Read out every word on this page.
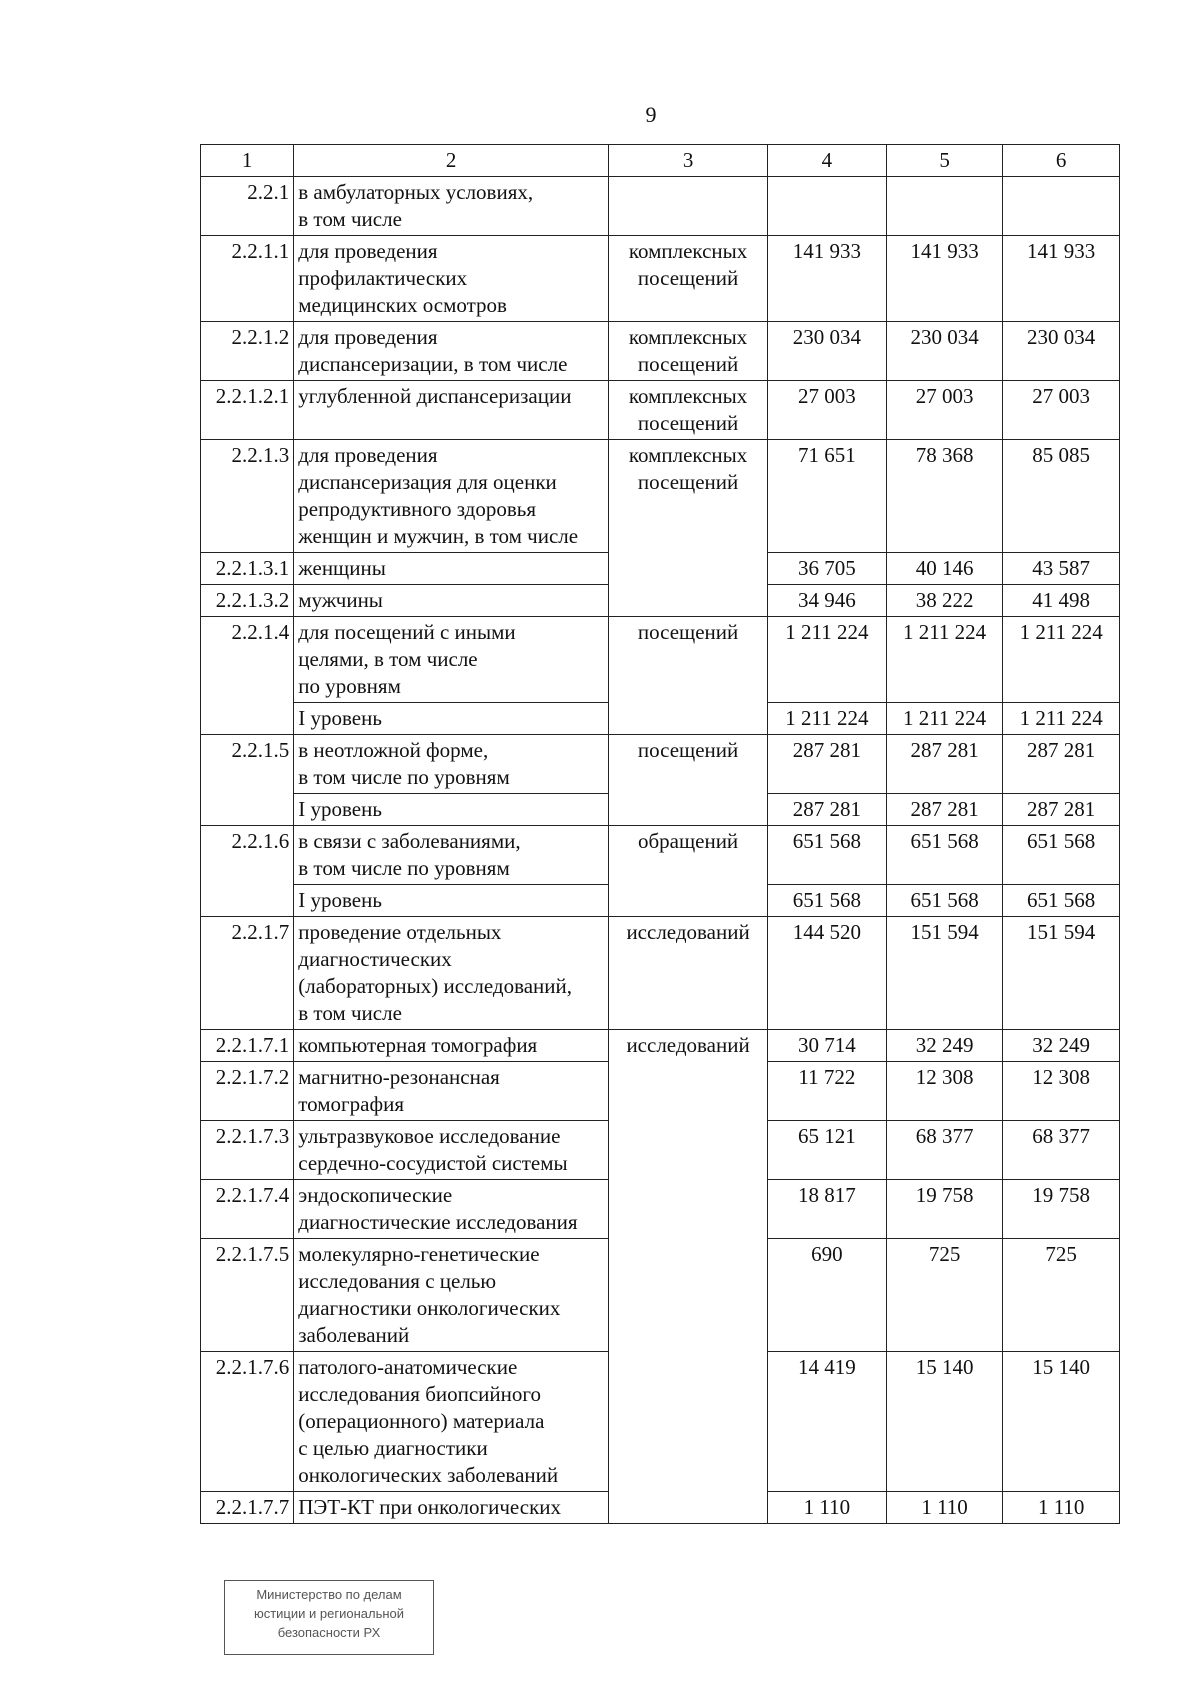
9
1	2	3	4	5	6
2.2.1	в амбулаторных условиях,
в том числе				
2.2.1.1	для проведения
профилактических
медицинских осмотров	комплексных
посещений	141 933	141 933	141 933
2.2.1.2	для проведения
диспансеризации, в том числе	комплексных
посещений	230 034	230 034	230 034
2.2.1.2.1	углубленной диспансеризации	комплексных
посещений	27 003	27 003	27 003
2.2.1.3	для проведения
диспансеризация для оценки
репродуктивного здоровья
женщин и мужчин, в том числе	комплексных
посещений	71 651	78 368	85 085
2.2.1.3.1	женщины		36 705	40 146	43 587
2.2.1.3.2	мужчины		34 946	38 222	41 498
2.2.1.4	для посещений с иными
целями, в том числе
по уровням	посещений	1 211 224	1 211 224	1 211 224
	I уровень		1 211 224	1 211 224	1 211 224
2.2.1.5	в неотложной форме,
в том числе по уровням	посещений	287 281	287 281	287 281
	I уровень		287 281	287 281	287 281
2.2.1.6	в связи с заболеваниями,
в том числе по уровням	обращений	651 568	651 568	651 568
	I уровень		651 568	651 568	651 568
2.2.1.7	проведение отдельных
диагностических
(лабораторных) исследований,
в том числе	исследований	144 520	151 594	151 594
2.2.1.7.1	компьютерная томография	исследований	30 714	32 249	32 249
2.2.1.7.2	магнитно-резонансная
томография		11 722	12 308	12 308
2.2.1.7.3	ультразвуковое исследование
сердечно-сосудистой системы		65 121	68 377	68 377
2.2.1.7.4	эндоскопические
диагностические исследования		18 817	19 758	19 758
2.2.1.7.5	молекулярно-генетические
исследования с целью
диагностики онкологических
заболеваний		690	725	725
2.2.1.7.6	патолого-анатомические
исследования биопсийного
(операционного) материала
с целью диагностики
онкологических заболеваний		14 419	15 140	15 140
2.2.1.7.7	ПЭТ-КТ при онкологических		1 110	1 110	1 110
Министерство по делам
юстиции и региональной
безопасности РХ
